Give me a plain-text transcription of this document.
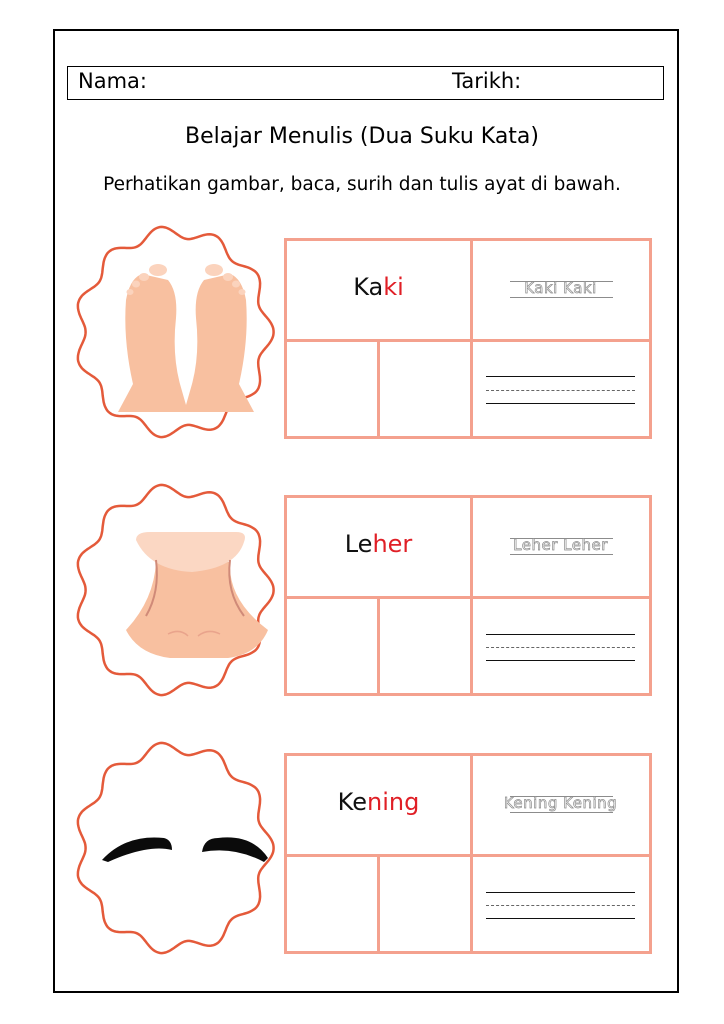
Nama:	Tarikh:
Belajar Menulis (Dua Suku Kata)
Perhatikan gambar, baca, surih dan tulis ayat di bawah.
Kaki	Kaki Kaki
Leher	Leher Leher
Kening	Kening Kening
